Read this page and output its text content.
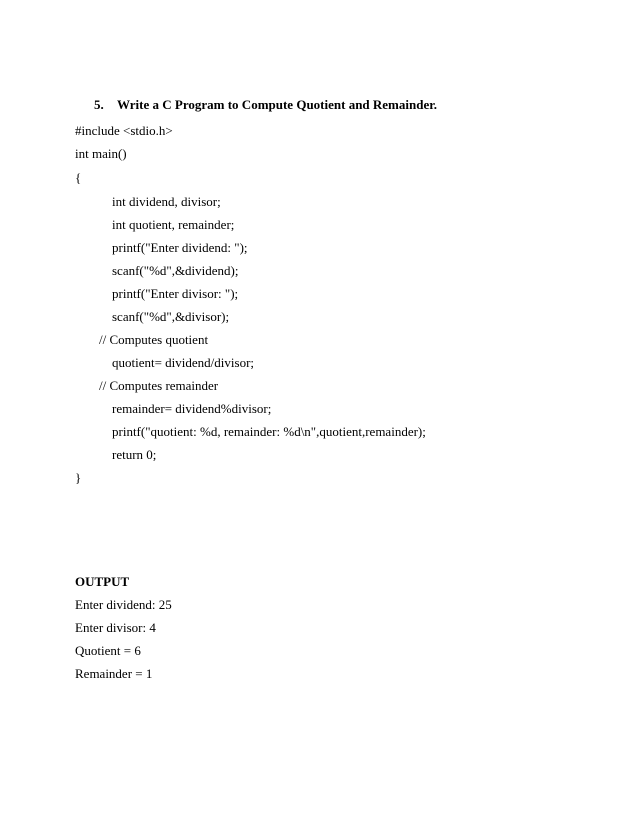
5. Write a C Program to Compute Quotient and Remainder.
#include <stdio.h>
int main()
{
int dividend, divisor;
int quotient, remainder;
printf("Enter dividend: ");
scanf("%d",&dividend);
printf("Enter divisor: ");
scanf("%d",&divisor);
// Computes quotient
quotient= dividend/divisor;
// Computes remainder
remainder= dividend%divisor;
printf("quotient: %d, remainder: %d\n",quotient,remainder);
return 0;
}
OUTPUT
Enter dividend: 25
Enter divisor: 4
Quotient = 6
Remainder = 1
